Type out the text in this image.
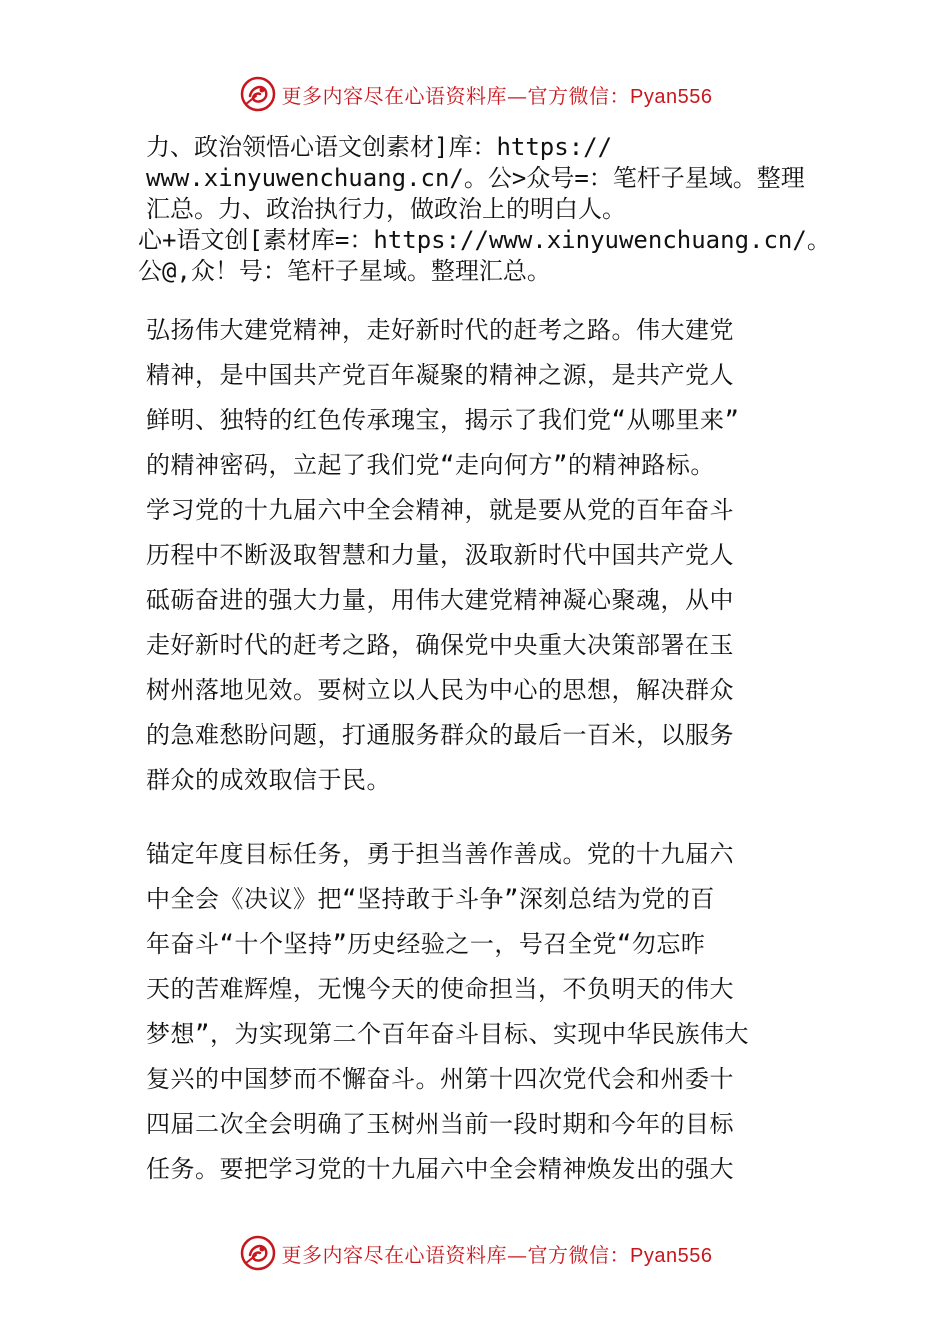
更多内容尽在心语资料库—官方微信：Pyan556
力、政治领悟心语文创素材]库：https://
www.xinyuwenchuang.cn/。公>众号=：笔杆子星域。整理
汇总。力、政治执行力，做政治上的明白人。
心+语文创[素材库=：https://www.xinyuwenchuang.cn/。
公@,众！号：笔杆子星域。整理汇总。
弘扬伟大建党精神，走好新时代的赶考之路。伟大建党
精神，是中国共产党百年凝聚的精神之源，是共产党人
鲜明、独特的红色传承瑰宝，揭示了我们党“从哪里来”
的精神密码，立起了我们党“走向何方”的精神路标。
学习党的十九届六中全会精神，就是要从党的百年奋斗
历程中不断汲取智慧和力量，汲取新时代中国共产党人
砥砺奋进的强大力量，用伟大建党精神凝心聚魂，从中
走好新时代的赶考之路，确保党中央重大决策部署在玉
树州落地见效。要树立以人民为中心的思想，解决群众
的急难愁盼问题，打通服务群众的最后一百米，以服务
群众的成效取信于民。
锚定年度目标任务，勇于担当善作善成。党的十九届六
中全会《决议》把“坚持敢于斗争”深刻总结为党的百
年奋斗“十个坚持”历史经验之一，号召全党“勿忘昨
天的苦难辉煌，无愧今天的使命担当，不负明天的伟大
梦想”，为实现第二个百年奋斗目标、实现中华民族伟大
复兴的中国梦而不懈奋斗。州第十四次党代会和州委十
四届二次全会明确了玉树州当前一段时期和今年的目标
任务。要把学习党的十九届六中全会精神焕发出的强大
更多内容尽在心语资料库—官方微信：Pyan556
